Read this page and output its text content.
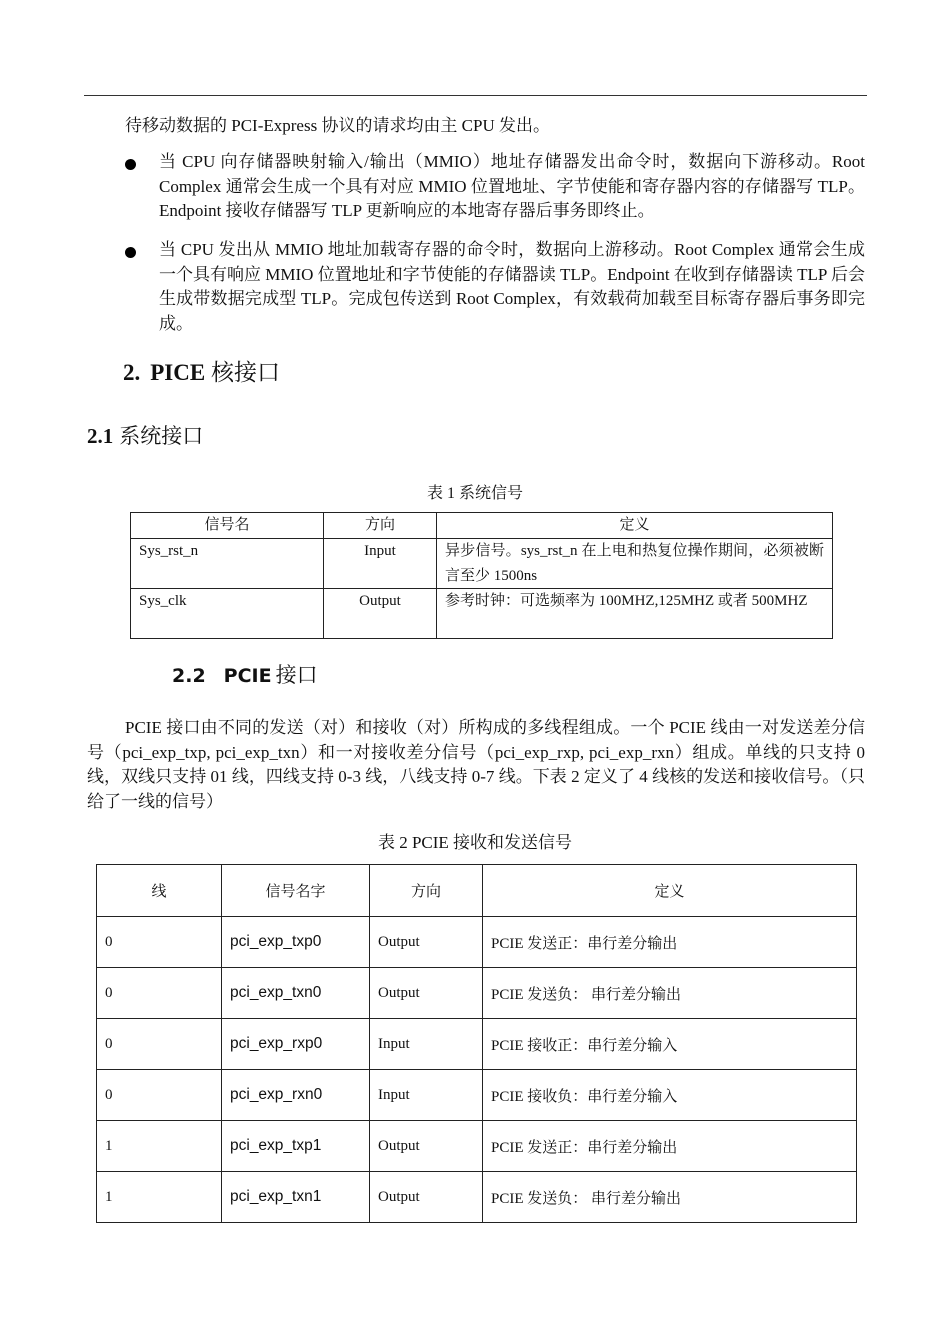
待移动数据的 PCI-Express 协议的请求均由主 CPU 发出。
当 CPU 向存储器映射输入/输出（MMIO）地址存储器发出命令时，数据向下游移动。Root Complex 通常会生成一个具有对应 MMIO 位置地址、字节使能和寄存器内容的存储器写 TLP。Endpoint 接收存储器写 TLP 更新响应的本地寄存器后事务即终止。
当 CPU 发出从 MMIO 地址加载寄存器的命令时，数据向上游移动。Root Complex 通常会生成一个具有响应 MMIO 位置地址和字节使能的存储器读 TLP。Endpoint 在收到存储器读 TLP 后会生成带数据完成型 TLP。完成包传送到 Root Complex，有效载荷加载至目标寄存器后事务即完成。
2. PICE 核接口
2.1 系统接口
表 1 系统信号
信号名	方向	定义
Sys_rst_n	Input	异步信号。sys_rst_n 在上电和热复位操作期间，必须被断言至少 1500ns
Sys_clk	Output	参考时钟：可选频率为 100MHZ,125MHZ 或者 500MHZ
2.2 PCIE 接口
PCIE 接口由不同的发送（对）和接收（对）所构成的多线程组成。一个 PCIE 线由一对发送差分信号（pci_exp_txp, pci_exp_txn）和一对接收差分信号（pci_exp_rxp, pci_exp_rxn）组成。单线的只支持 0 线，双线只支持 01 线，四线支持 0-3 线，八线支持 0-7 线。下表 2 定义了 4 线核的发送和接收信号。（只给了一线的信号）
表 2 PCIE 接收和发送信号
线	信号名字	方向	定义
0	pci_exp_txp0	Output	PCIE 发送正：串行差分输出
0	pci_exp_txn0	Output	PCIE 发送负： 串行差分输出
0	pci_exp_rxp0	Input	PCIE 接收正：串行差分输入
0	pci_exp_rxn0	Input	PCIE 接收负：串行差分输入
1	pci_exp_txp1	Output	PCIE 发送正：串行差分输出
1	pci_exp_txn1	Output	PCIE 发送负： 串行差分输出
